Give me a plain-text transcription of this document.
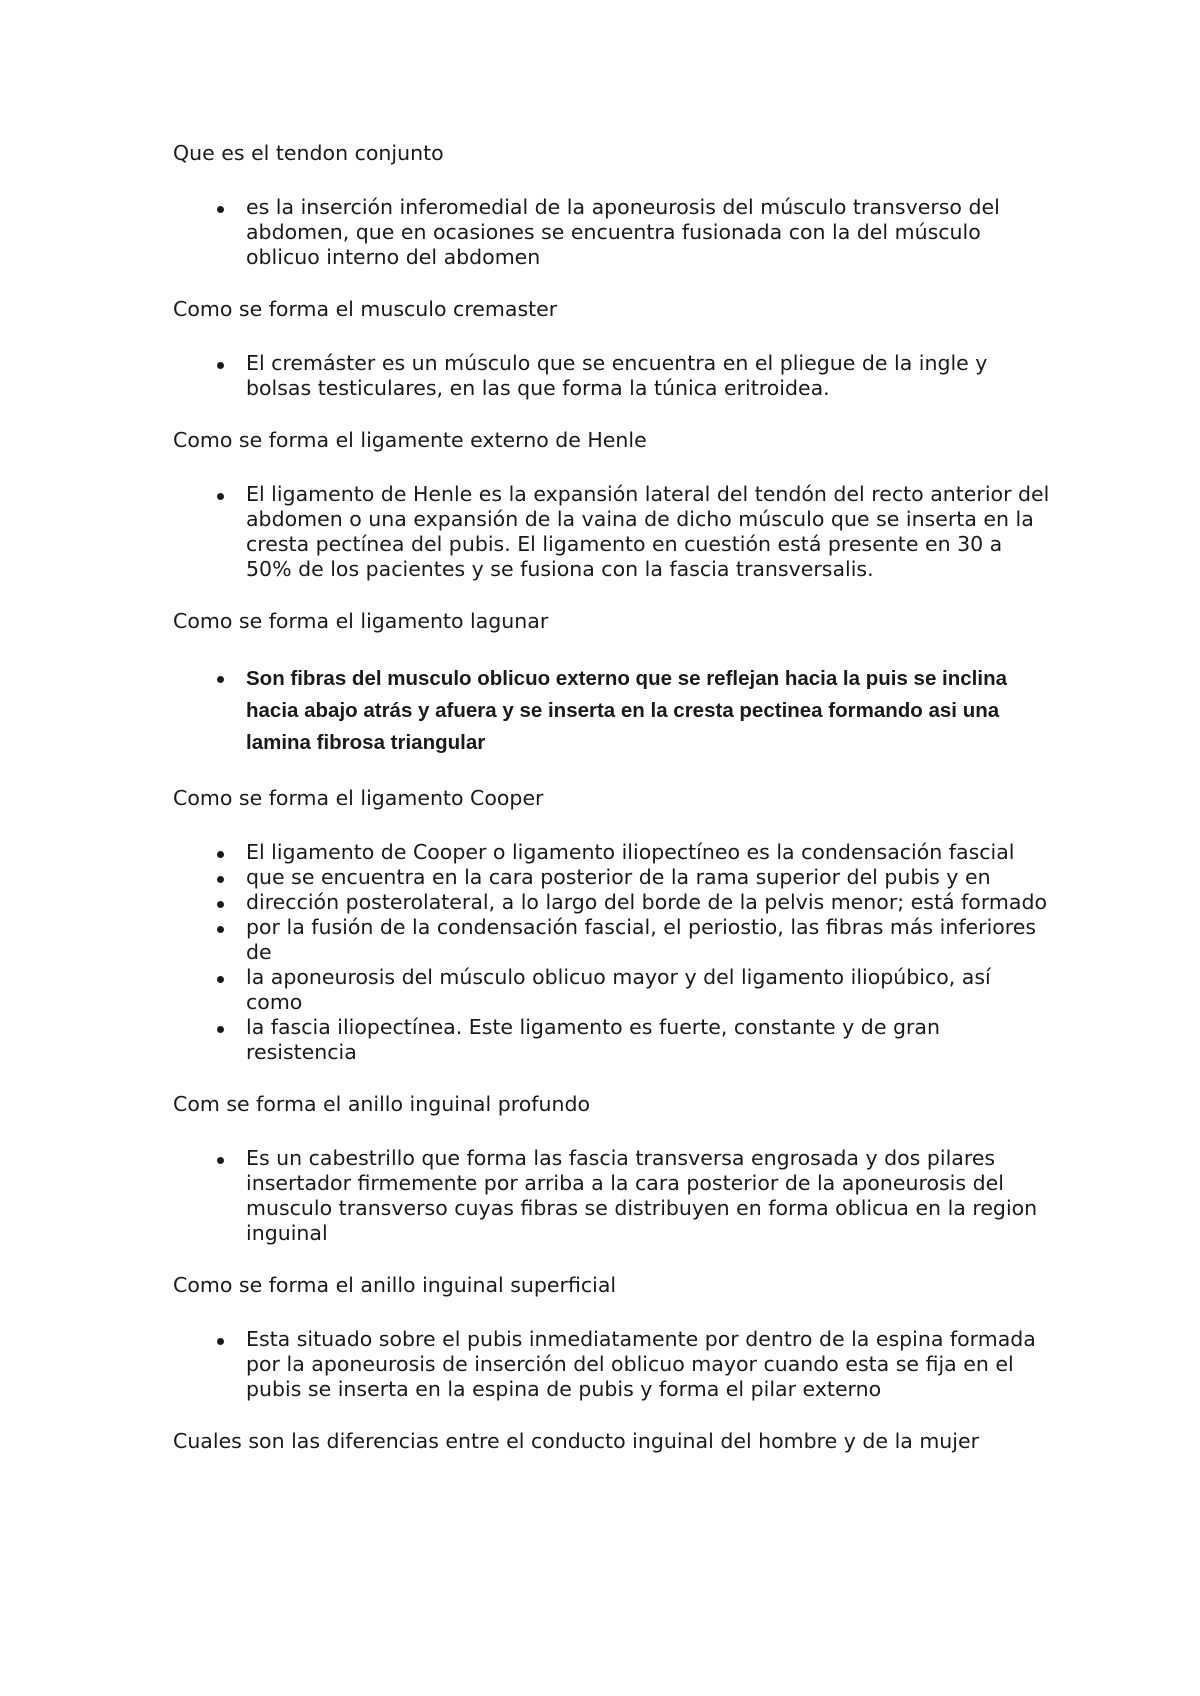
Que es el tendon conjunto

es la inserción inferomedial de la aponeurosis del músculo transverso del abdomen, que en ocasiones se encuentra fusionada con la del músculo oblicuo interno del abdomen

Como se forma el musculo cremaster

El cremáster es un músculo que se encuentra en el pliegue de la ingle y bolsas testiculares, en las que forma la túnica eritroidea.

Como se forma el ligamente externo de Henle

El ligamento de Henle es la expansión lateral del tendón del recto anterior del abdomen o una expansión de la vaina de dicho músculo que se inserta en la cresta pectínea del pubis. El ligamento en cuestión está presente en 30 a 50% de los pacientes y se fusiona con la fascia transversalis.

Como se forma el ligamento lagunar

Son fibras del musculo oblicuo externo que se reflejan hacia la puis se inclina hacia abajo atrás y afuera y se inserta en la cresta pectinea formando asi una lamina fibrosa triangular

Como se forma el ligamento Cooper

El ligamento de Cooper o ligamento iliopectíneo es la condensación fascial
que se encuentra en la cara posterior de la rama superior del pubis y en
dirección posterolateral, a lo largo del borde de la pelvis menor; está formado
por la fusión de la condensación fascial, el periostio, las fibras más inferiores de
la aponeurosis del músculo oblicuo mayor y del ligamento iliopúbico, así como
la fascia iliopectínea. Este ligamento es fuerte, constante y de gran resistencia

Com se forma el anillo inguinal profundo

Es un cabestrillo que forma las fascia transversa engrosada y dos pilares insertador firmemente por arriba a la cara posterior de la aponeurosis del musculo transverso cuyas fibras se distribuyen en forma oblicua en la region inguinal

Como se forma el anillo inguinal superficial

Esta situado sobre el pubis inmediatamente por dentro de la espina formada por la aponeurosis de inserción del oblicuo mayor cuando esta se fija en el pubis se inserta en la espina de pubis y forma el pilar externo

Cuales son las diferencias entre el conducto inguinal del hombre y de la mujer
